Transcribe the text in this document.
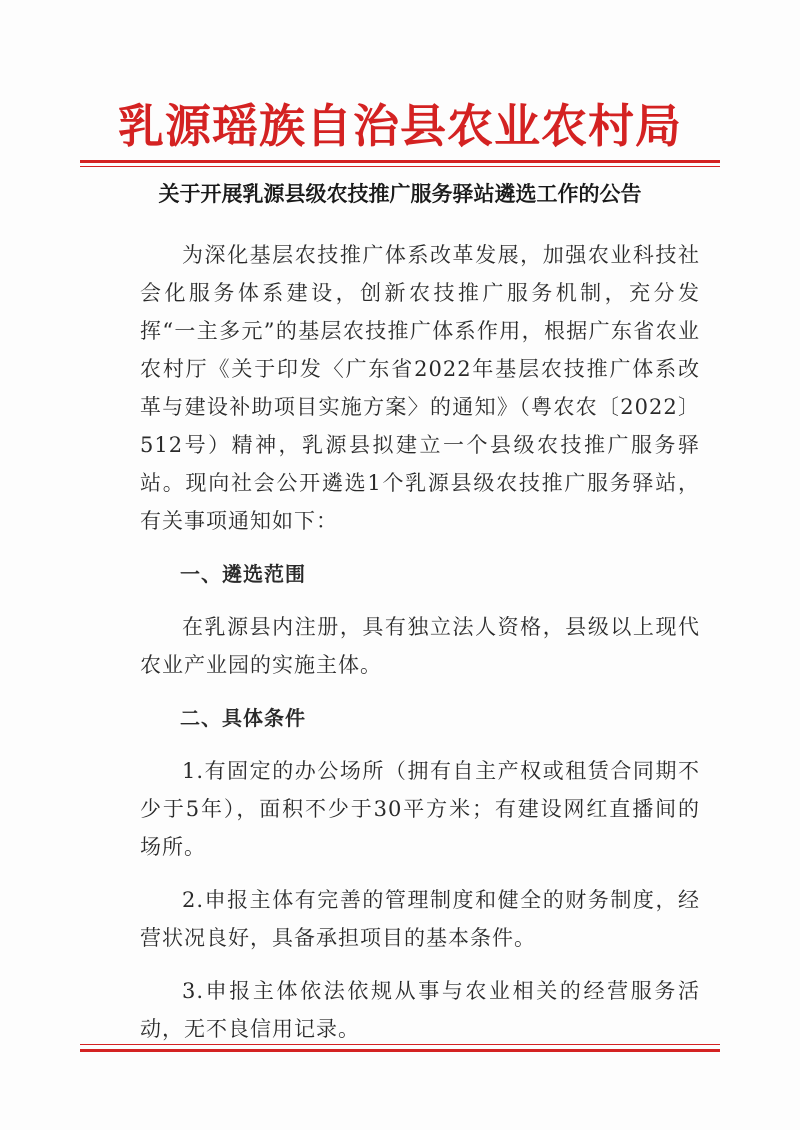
乳源瑶族自治县农业农村局
关于开展乳源县级农技推广服务驿站遴选工作的公告

为深化基层农技推广体系改革发展，加强农业科技社会化服务体系建设，创新农技推广服务机制，充分发挥“一主多元”的基层农技推广体系作用，根据广东省农业农村厅《关于印发〈广东省2022年基层农技推广体系改革与建设补助项目实施方案〉的通知》（粤农农〔2022〕512号）精神，乳源县拟建立一个县级农技推广服务驿站。现向社会公开遴选1个乳源县级农技推广服务驿站，有关事项通知如下：

一、遴选范围

在乳源县内注册，具有独立法人资格，县级以上现代农业产业园的实施主体。

二、具体条件

1.有固定的办公场所（拥有自主产权或租赁合同期不少于5年），面积不少于30平方米；有建设网红直播间的场所。

2.申报主体有完善的管理制度和健全的财务制度，经营状况良好，具备承担项目的基本条件。

3.申报主体依法依规从事与农业相关的经营服务活动，无不良信用记录。
